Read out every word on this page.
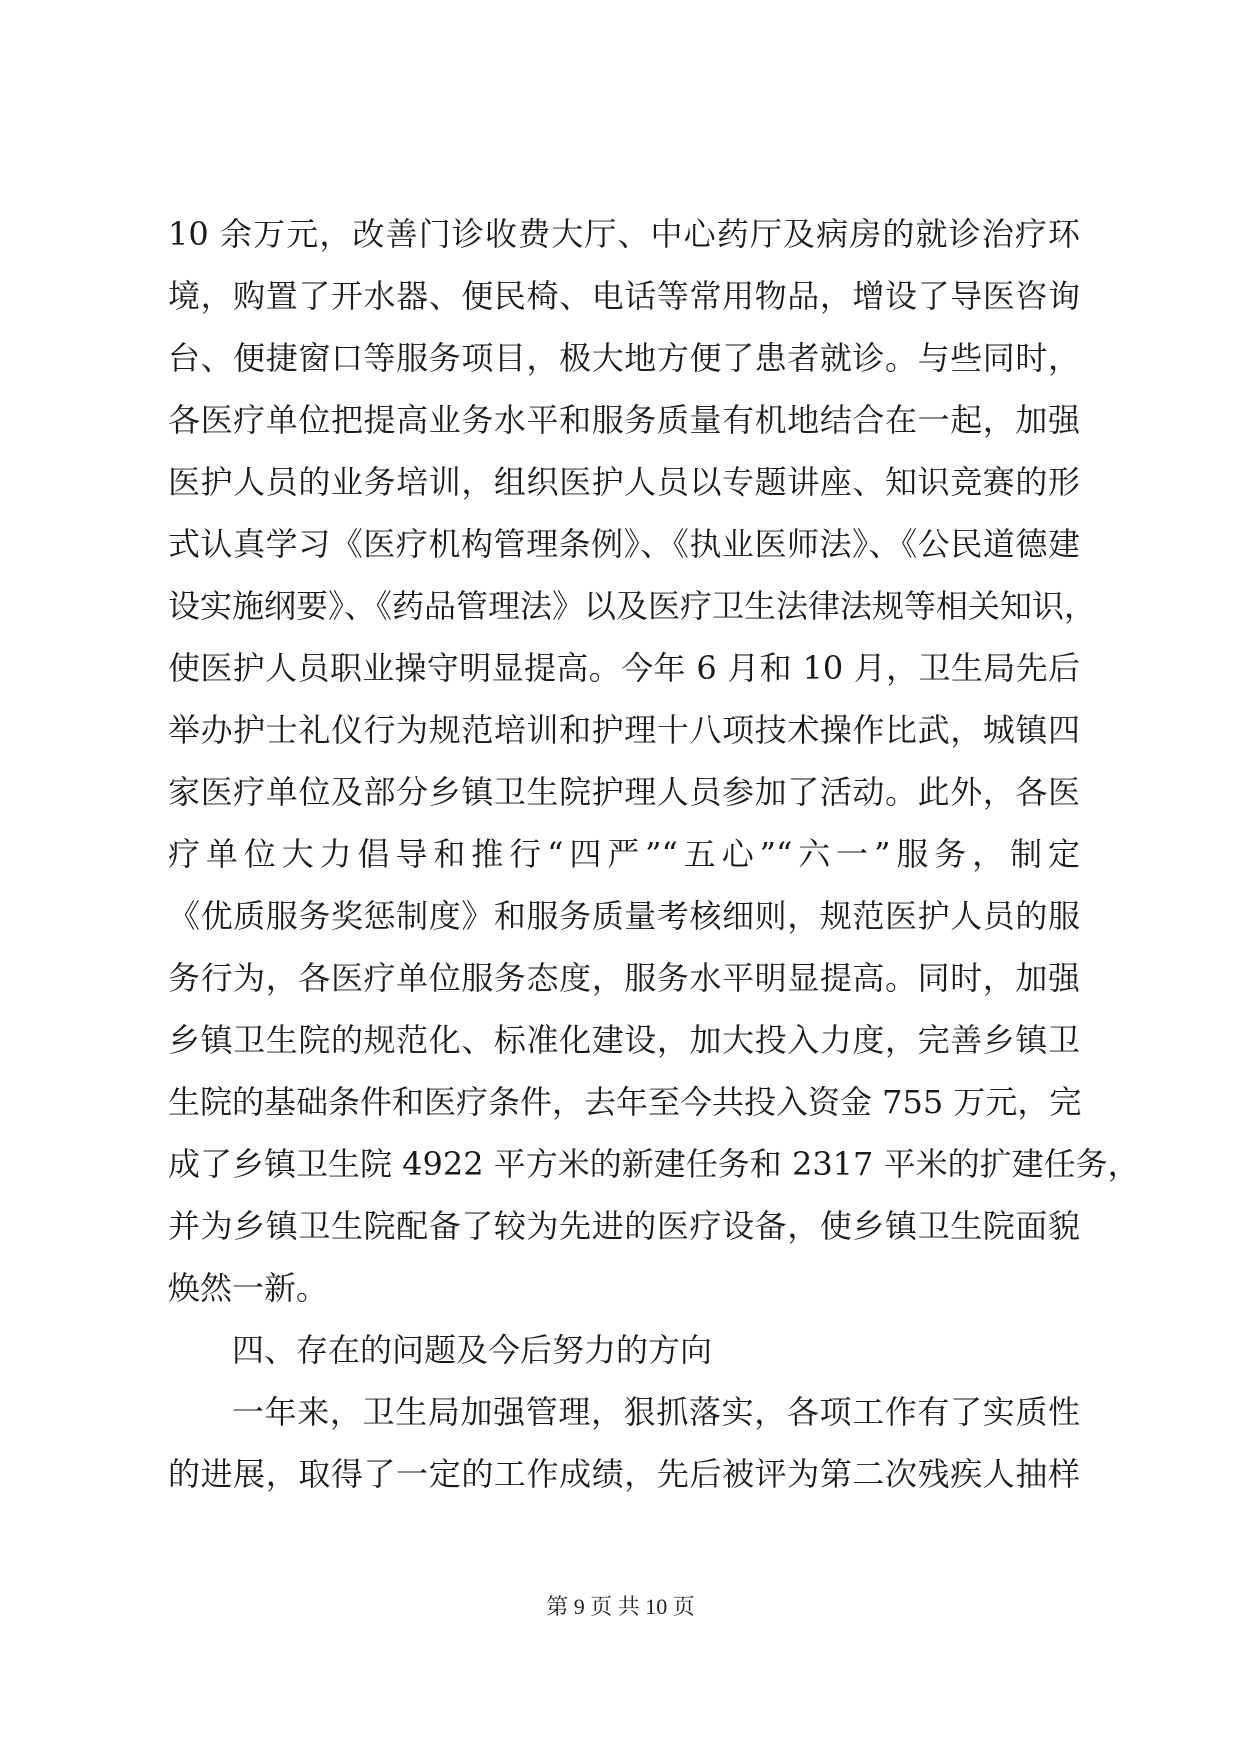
10 余万元，改善门诊收费大厅、中心药厅及病房的就诊治疗环
境，购置了开水器、便民椅、电话等常用物品，增设了导医咨询
台、便捷窗口等服务项目，极大地方便了患者就诊。与些同时，
各医疗单位把提高业务水平和服务质量有机地结合在一起，加强
医护人员的业务培训，组织医护人员以专题讲座、知识竞赛的形
式认真学习《医疗机构管理条例》、《执业医师法》、《公民道德建
设实施纲要》、《药品管理法》以及医疗卫生法律法规等相关知识，
使医护人员职业操守明显提高。今年 6 月和 10 月，卫生局先后
举办护士礼仪行为规范培训和护理十八项技术操作比武，城镇四
家医疗单位及部分乡镇卫生院护理人员参加了活动。此外，各医
疗单位大力倡导和推行“四严”“五心”“六一”服务，制定
《优质服务奖惩制度》和服务质量考核细则，规范医护人员的服
务行为，各医疗单位服务态度，服务水平明显提高。同时，加强
乡镇卫生院的规范化、标准化建设，加大投入力度，完善乡镇卫
生院的基础条件和医疗条件，去年至今共投入资金 755 万元，完
成了乡镇卫生院 4922 平方米的新建任务和 2317 平米的扩建任务，
并为乡镇卫生院配备了较为先进的医疗设备，使乡镇卫生院面貌
焕然一新。
四、存在的问题及今后努力的方向
一年来，卫生局加强管理，狠抓落实，各项工作有了实质性
的进展，取得了一定的工作成绩，先后被评为第二次残疾人抽样
第 9 页 共 10 页
